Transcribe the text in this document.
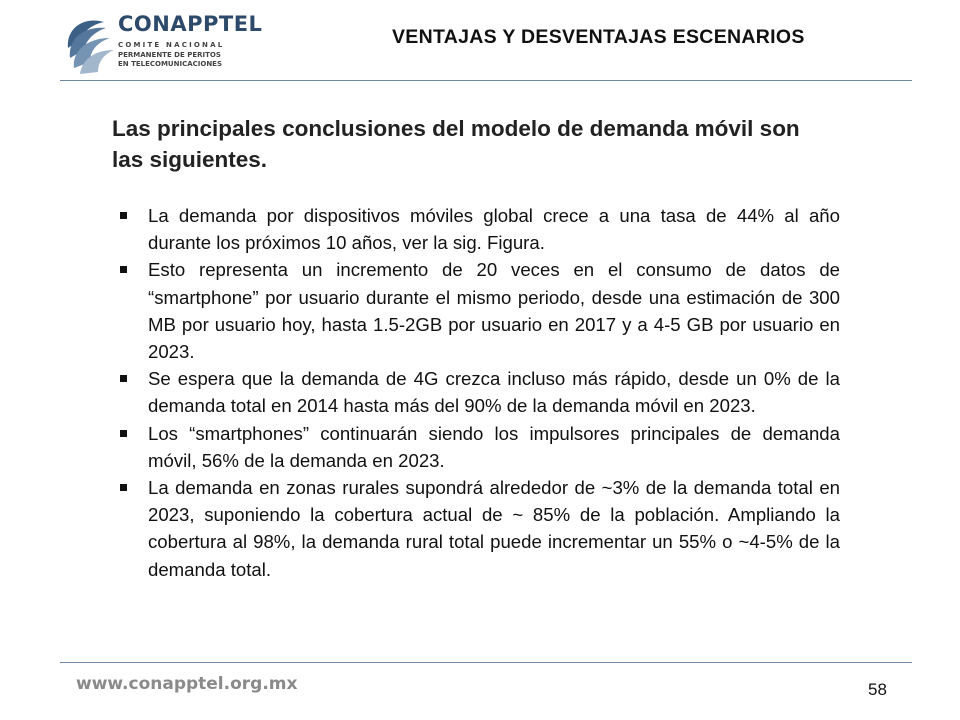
CONAPPTEL
COMITE NACIONAL
PERMANENTE DE PERITOS
EN TELECOMUNICACIONES
VENTAJAS Y DESVENTAJAS ESCENARIOS
Las principales conclusiones del modelo de demanda móvil son las siguientes.
La demanda por dispositivos móviles global crece a una tasa de 44% al año durante los próximos 10 años, ver la sig. Figura.
Esto representa un incremento de 20 veces en el consumo de datos de “smartphone” por usuario durante el mismo periodo, desde una estimación de 300 MB por usuario hoy, hasta 1.5-2GB por usuario en 2017 y a 4-5 GB por usuario en 2023.
Se espera que la demanda de 4G crezca incluso más rápido, desde un 0% de la demanda total en 2014 hasta más del 90% de la demanda móvil en 2023.
Los “smartphones” continuarán siendo los impulsores principales de demanda móvil, 56% de la demanda en 2023.
La demanda en zonas rurales supondrá alrededor de ~3% de la demanda total en 2023, suponiendo la cobertura actual de ~ 85% de la población. Ampliando la cobertura al 98%, la demanda rural total puede incrementar un 55% o ~4-5% de la demanda total.
www.conapptel.org.mx	58
